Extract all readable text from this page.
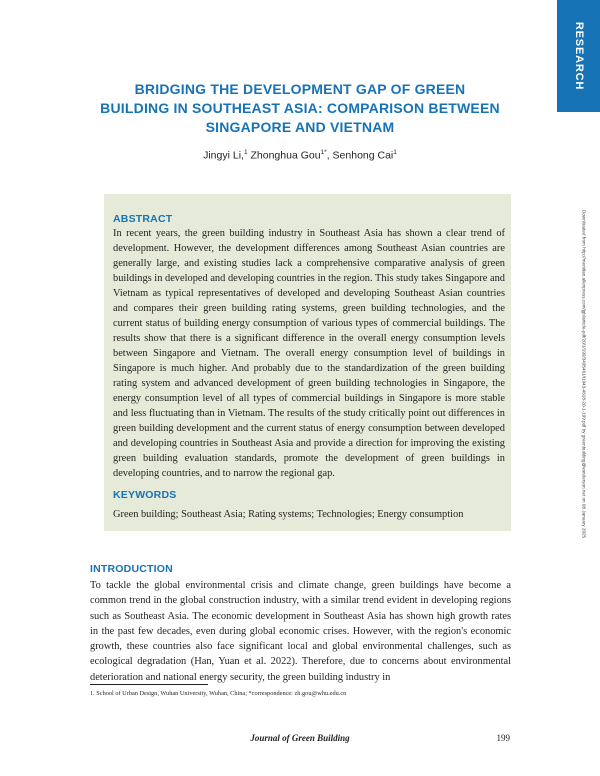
RESEARCH
Downloaded from http://meridian.allenpress.com/jgb/article-pdf/20/1/199/3495461/i1943-4618-20-1-199.pdf by greenbuilding@vanderson.net on 08 January 2025
BRIDGING THE DEVELOPMENT GAP OF GREEN BUILDING IN SOUTHEAST ASIA: COMPARISON BETWEEN SINGAPORE AND VIETNAM
Jingyi Li,$^1$ Zhonghua Gou$^{1*}$, Senhong Cai$^1$
ABSTRACT

In recent years, the green building industry in Southeast Asia has shown a clear trend of development. However, the development differences among Southeast Asian countries are generally large, and existing studies lack a comprehensive comparative analysis of green buildings in developed and developing countries in the region. This study takes Singapore and Vietnam as typical representatives of developed and developing Southeast Asian countries and compares their green building rating systems, green building technologies, and the current status of building energy consumption of various types of commercial buildings. The results show that there is a significant difference in the overall energy consumption levels between Singapore and Vietnam. The overall energy consumption level of buildings in Singapore is much higher. And probably due to the standardization of the green building rating system and advanced development of green building technologies in Singapore, the energy consumption level of all types of commercial buildings in Singapore is more stable and less fluctuating than in Vietnam. The results of the study critically point out differences in green building development and the current status of energy consumption between developed and developing countries in Southeast Asia and provide a direction for improving the existing green building evaluation standards, promote the development of green buildings in developing countries, and to narrow the regional gap.

KEYWORDS

Green building; Southeast Asia; Rating systems; Technologies; Energy consumption

INTRODUCTION

To tackle the global environmental crisis and climate change, green buildings have become a common trend in the global construction industry, with a similar trend evident in developing regions such as Southeast Asia. The economic development in Southeast Asia has shown high growth rates in the past few decades, even during global economic crises. However, with the region's economic growth, these countries also face significant local and global environmental challenges, such as ecological degradation (Han, Yuan et al. 2022). Therefore, due to concerns about environmental deterioration and national energy security, the green building industry in

1. School of Urban Design, Wuhan University, Wuhan, China; *correspondence: zh.gou@whu.edu.cn

Journal of Green Building	199
